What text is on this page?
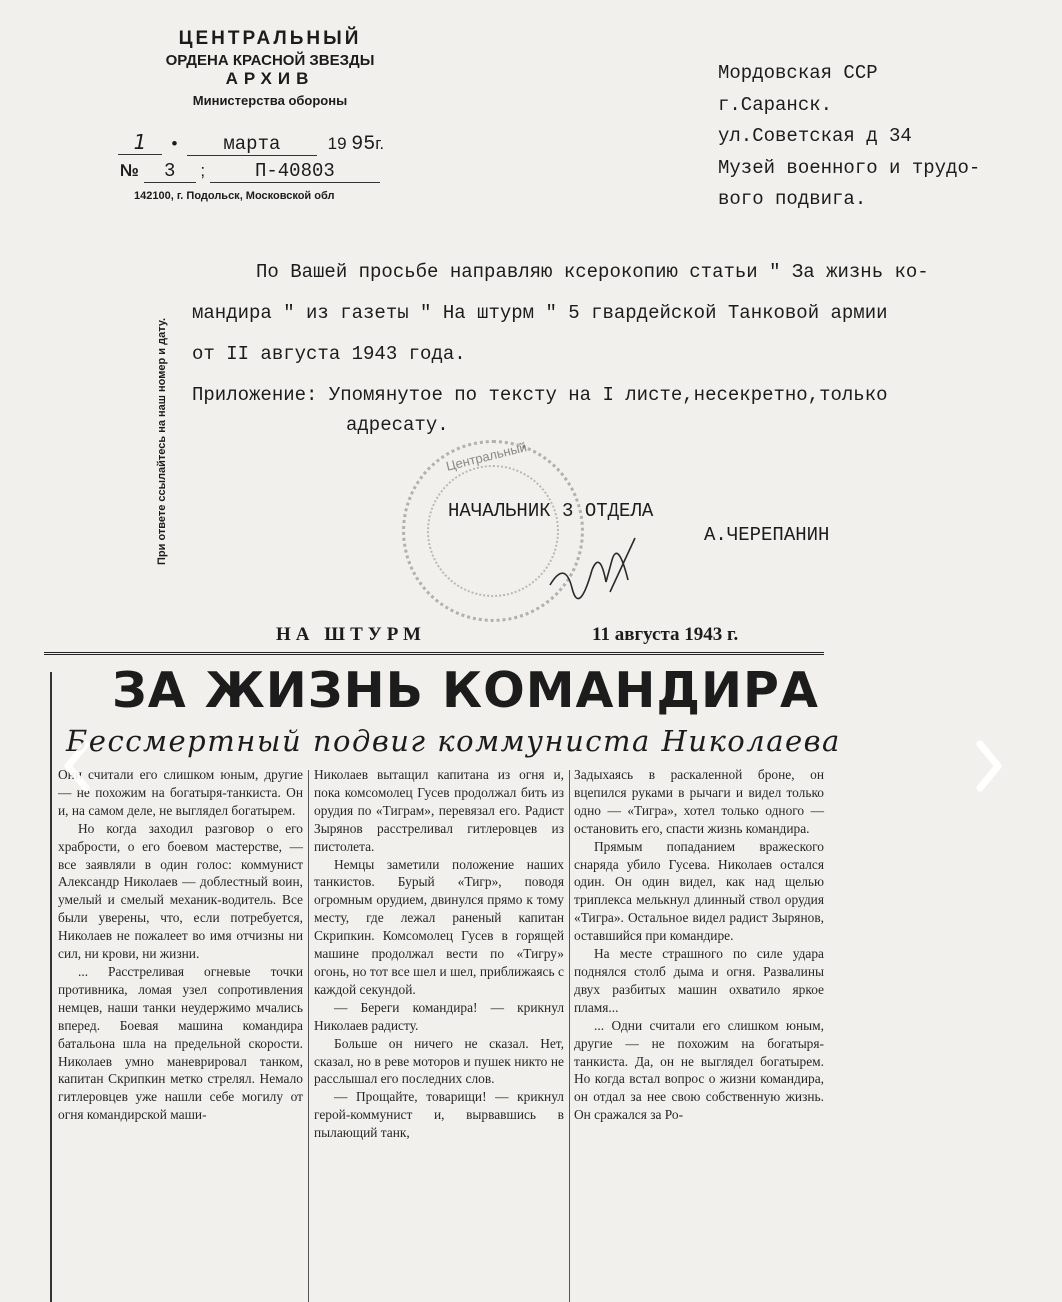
ЦЕНТРАЛЬНЫЙ
ОРДЕНА КРАСНОЙ ЗВЕЗДЫ
АРХИВ
Министерства обороны
1  •  марта	19 95г.
№ 3 ;	П-40803
142100, г. Подольск, Московской обл
Мордовская ССР
г.Саранск.
ул.Советская д 34
Музей военного и трудо-
вого подвига.
При ответе ссылайтесь на наш номер и дату.

По Вашей просьбе направляю ксерокопию статьи " За жизнь ко-

мандира " из газеты " На штурм " 5 гвардейской Танковой армии

от II августа 1943 года.

Приложение: Упомянутое по тексту на I листе,несекретно,только
адресату.
Центральный
НАЧАЛЬНИК 3 ОТДЕЛА
А.ЧЕРЕПАНИН
НА ШТУРМ	11 августа 1943 г.
ЗА ЖИЗНЬ КОМАНДИРА
Бессмертный подвиг коммуниста Николаева

Они считали его слишком юным, другие — не похожим на богатыря-танкиста. Он и, на самом деле, не выглядел богатырем.

Но когда заходил разговор о его храбрости, о его боевом мастерстве, — все заявляли в один голос: коммунист Александр Николаев — доблестный воин, умелый и смелый механик-водитель. Все были уверены, что, если потребуется, Николаев не пожалеет во имя отчизны ни сил, ни крови, ни жизни.

... Расстреливая огневые точки противника, ломая узел сопротивления немцев, наши танки неудержимо мчались вперед. Боевая машина командира батальона шла на предельной скорости. Николаев умно маневрировал танком, капитан Скрипкин метко стрелял. Немало гитлеровцев уже нашли себе могилу от огня командирской маши-

Николаев вытащил капитана из огня и, пока комсомолец Гусев продолжал бить из орудия по «Тиграм», перевязал его. Радист Зырянов расстреливал гитлеровцев из пистолета.

Немцы заметили положение наших танкистов. Бурый «Тигр», поводя огромным орудием, двинулся прямо к тому месту, где лежал раненый капитан Скрипкин. Комсомолец Гусев в горящей машине продолжал вести по «Тигру» огонь, но тот все шел и шел, приближаясь с каждой секундой.

— Береги командира! — крикнул Николаев радисту.

Больше он ничего не сказал. Нет, сказал, но в реве моторов и пушек никто не расслышал его последних слов.

— Прощайте, товарищи! — крикнул герой-коммунист и, вырвавшись в пылающий танк,

Задыхаясь в раскаленной броне, он вцепился руками в рычаги и видел только одно — «Тигра», хотел только одного — остановить его, спасти жизнь командира.

Прямым попаданием вражеского снаряда убило Гусева. Николаев остался один. Он один видел, как над щелью триплекса мелькнул длинный ствол орудия «Тигра». Остальное видел радист Зырянов, оставшийся при командире.

На месте страшного по силе удара поднялся столб дыма и огня. Развалины двух разбитых машин охватило яркое пламя...

... Одни считали его слишком юным, другие — не похожим на богатыря-танкиста. Да, он не выглядел богатырем. Но когда встал вопрос о жизни командира, он отдал за нее свою собственную жизнь. Он сражался за Ро-
